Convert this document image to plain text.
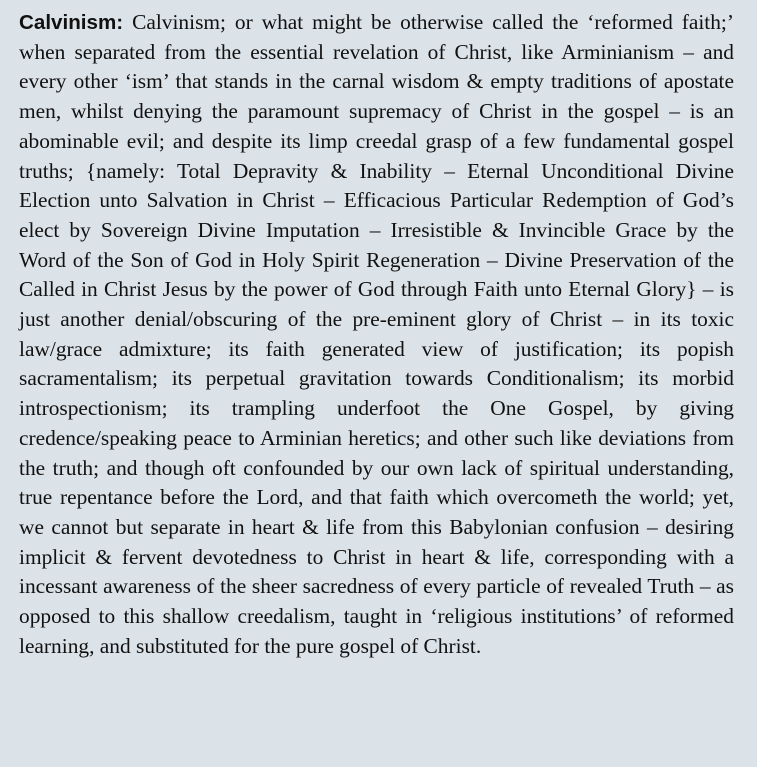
Calvinism: Calvinism; or what might be otherwise called the ‘reformed faith;’ when separated from the essential revelation of Christ, like Arminianism – and every other ‘ism’ that stands in the carnal wisdom & empty traditions of apostate men, whilst denying the paramount supremacy of Christ in the gospel – is an abominable evil; and despite its limp creedal grasp of a few fundamental gospel truths; {namely: Total Depravity & Inability – Eternal Unconditional Divine Election unto Salvation in Christ – Efficacious Particular Redemption of God’s elect by Sovereign Divine Imputation – Irresistible & Invincible Grace by the Word of the Son of God in Holy Spirit Regeneration – Divine Preservation of the Called in Christ Jesus by the power of God through Faith unto Eternal Glory} – is just another denial/obscuring of the pre-eminent glory of Christ – in its toxic law/grace admixture; its faith generated view of justification; its popish sacramentalism; its perpetual gravitation towards Conditionalism; its morbid introspectionism; its trampling underfoot the One Gospel, by giving credence/speaking peace to Arminian heretics; and other such like deviations from the truth; and though oft confounded by our own lack of spiritual understanding, true repentance before the Lord, and that faith which overcometh the world; yet, we cannot but separate in heart & life from this Babylonian confusion – desiring implicit & fervent devotedness to Christ in heart & life, corresponding with a incessant awareness of the sheer sacredness of every particle of revealed Truth – as opposed to this shallow creedalism, taught in ‘religious institutions’ of reformed learning, and substituted for the pure gospel of Christ.
